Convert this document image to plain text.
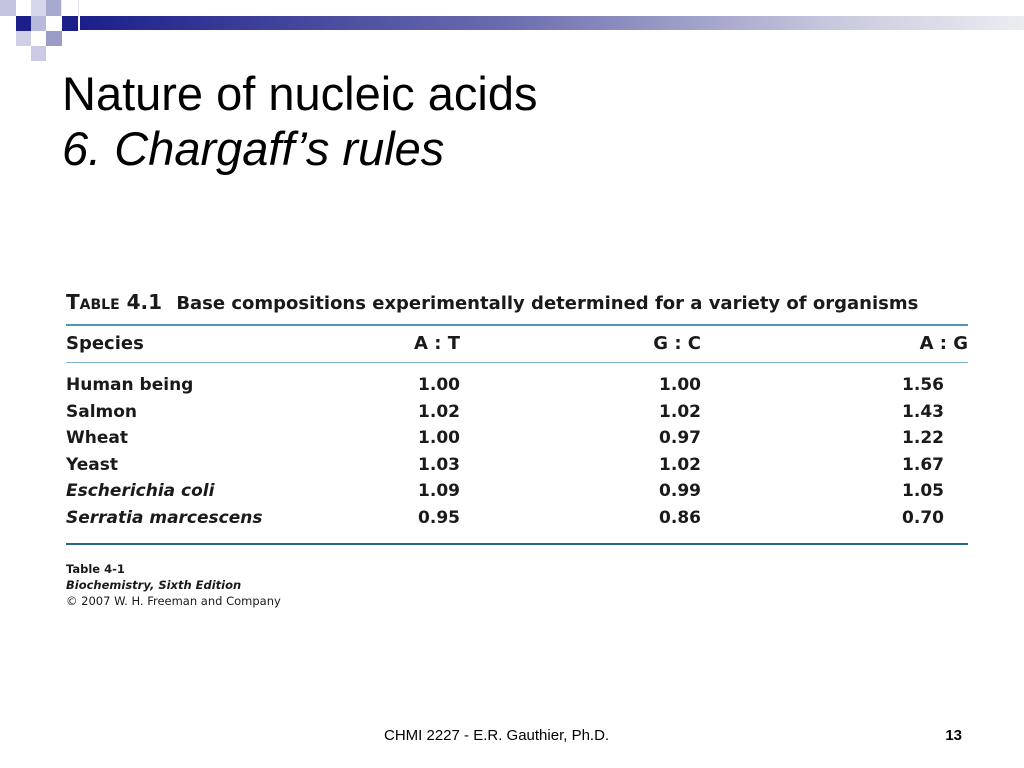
Nature of nucleic acids
6. Chargaff’s rules
Table 4.1 Base compositions experimentally determined for a variety of organisms
Species	A : T	G : C	A : G
Human being	1.00	1.00	1.56
Salmon	1.02	1.02	1.43
Wheat	1.00	0.97	1.22
Yeast	1.03	1.02	1.67
Escherichia coli	1.09	0.99	1.05
Serratia marcescens	0.95	0.86	0.70
Table 4-1
Biochemistry, Sixth Edition
© 2007 W. H. Freeman and Company
CHMI 2227 - E.R. Gauthier, Ph.D.	13
